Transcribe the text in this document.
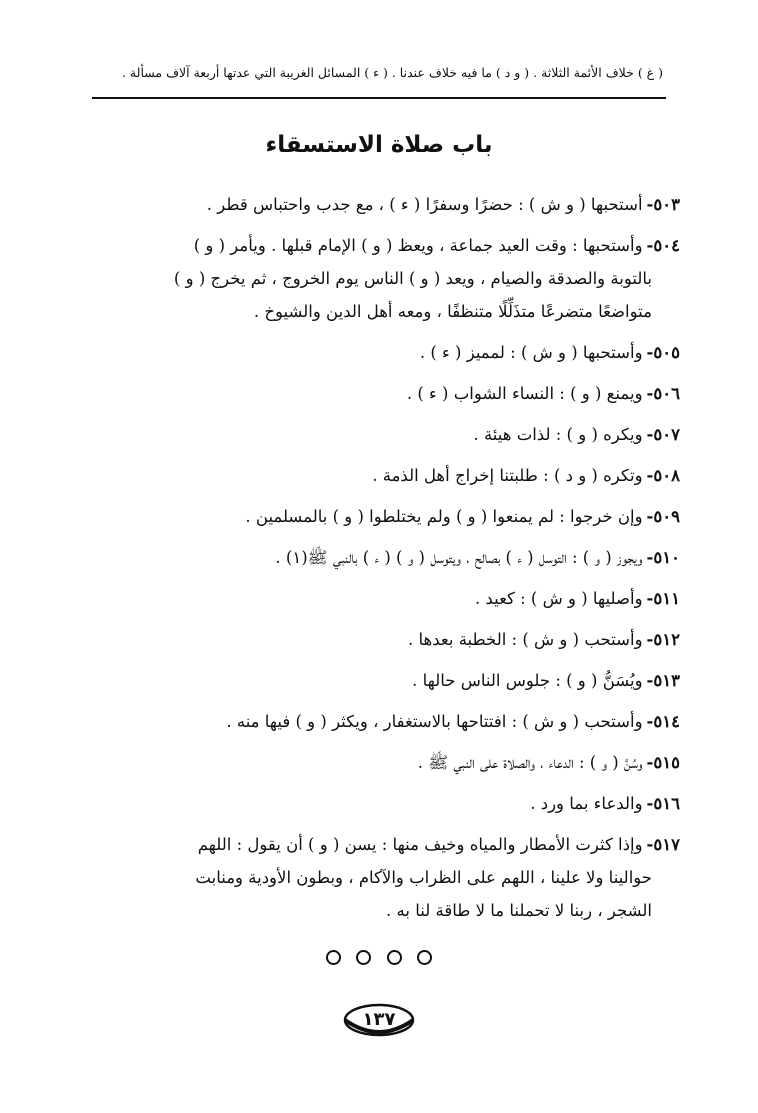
( غ ) خلاف الأئمة الثلاثة . ( و د ) ما فيه خلاف عندنا . ( ء ) المسائل الغريبة التي عدتها أربعة آلاف مسألة .
باب صلاة الاستسقاء
٥٠٣-أستحبها ( و ش ) : حضرًا وسفرًا ( ء ) ، مع جدب واحتباس قطر .
٥٠٤-وأستحبها : وقت العيد جماعة ، ويعظ ( و ) الإمام قبلها . ويأمر ( و )
بالتوبة والصدقة والصيام ، ويعد ( و ) الناس يوم الخروج ، ثم يخرج ( و )
متواضعًا متضرعًا متذَلِّلًا متنظفًا ، ومعه أهل الدين والشيوخ .
٥٠٥-وأستحبها ( و ش ) : لمميز ( ء ) .
٥٠٦-ويمنع ( و ) : النساء الشواب ( ء ) .
٥٠٧-ويكره ( و ) : لذات هيئة .
٥٠٨-وتكره ( و د ) : طلبتنا إخراج أهل الذمة .
٥٠٩-وإن خرجوا : لم يمنعوا ( و ) ولم يختلطوا ( و ) بالمسلمين .
٥١٠-ويجوز ( و ) : التوسل ( ء ) بصالح ، ويتوسل ( و ) ( ء ) بالنبي ﷺ(١) .
٥١١-وأصليها ( و ش ) : كعيد .
٥١٢-وأستحب ( و ش ) : الخطبة بعدها .
٥١٣-ويُسَنُّ ( و ) : جلوس الناس حالها .
٥١٤-وأستحب ( و ش ) : افتتاحها بالاستغفار ، ويكثر ( و ) فيها منه .
٥١٥-وسُنَّ ( و ) : الدعاء ، والصلاة على النبي ﷺ .
٥١٦-والدعاء بما ورد .
٥١٧-وإذا كثرت الأمطار والمياه وخيف منها : يسن ( و ) أن يقول : اللهم
حوالينا ولا علينا ، اللهم على الظراب والآكام ، وبطون الأودية ومنابت
الشجر ، ربنا لا تحملنا ما لا طاقة لنا به .

١٣٧
